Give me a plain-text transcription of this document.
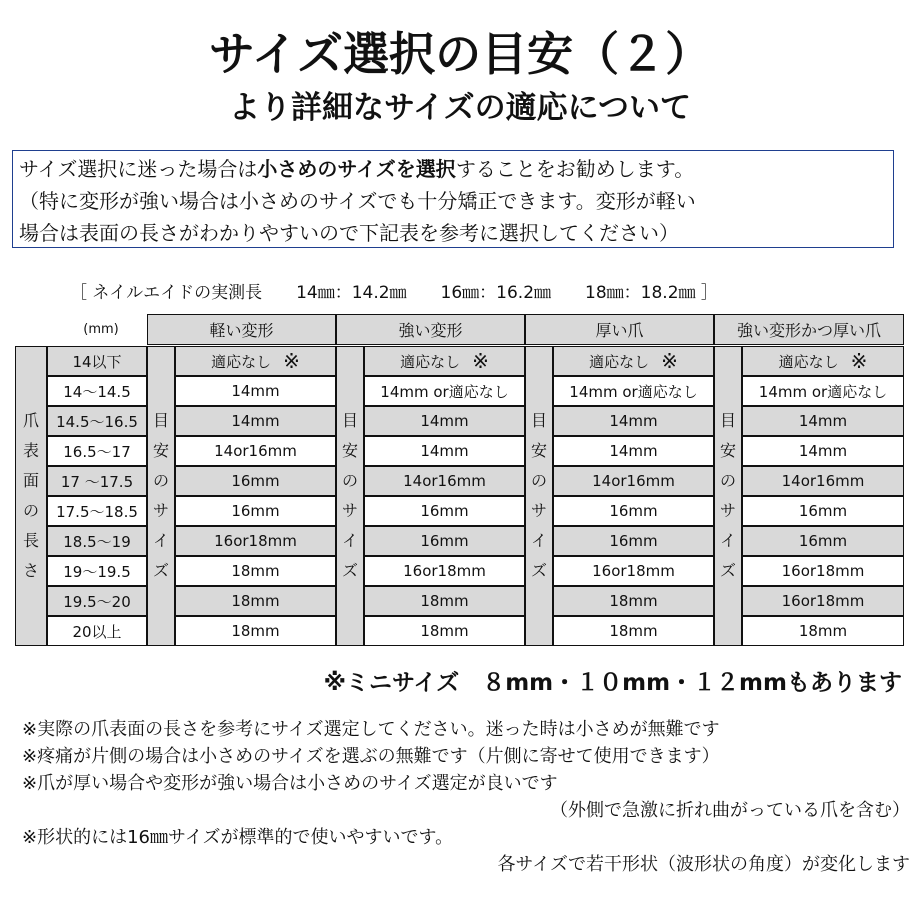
サイズ選択の目安（２）
より詳細なサイズの適応について
サイズ選択に迷った場合は小さめのサイズを選択することをお勧めします。
（特に変形が強い場合は小さめのサイズでも十分矯正できます。変形が軽い
場合は表面の長さがわかりやすいので下記表を参考に選択してください）
［ ネイルエイドの実測長　　14㎜：14.2㎜　　16㎜：16.2㎜　　18㎜：18.2㎜ ］
(mm)
爪
表
面
の
長
さ
14以下
14～14.5
14.5～16.5
16.5～17
17 ～17.5
17.5～18.5
18.5～19
19～19.5
19.5～20
20以上
軽い変形
目
安
の
サ
イ
ズ
適応なし ※
14mm
14mm
14or16mm
16mm
16mm
16or18mm
18mm
18mm
18mm
強い変形
目
安
の
サ
イ
ズ
適応なし ※
14mm or適応なし
14mm
14mm
14or16mm
16mm
16mm
16or18mm
18mm
18mm
厚い爪
目
安
の
サ
イ
ズ
適応なし ※
14mm or適応なし
14mm
14mm
14or16mm
16mm
16mm
16or18mm
18mm
18mm
強い変形かつ厚い爪
目
安
の
サ
イ
ズ
適応なし ※
14mm or適応なし
14mm
14mm
14or16mm
16mm
16mm
16or18mm
16or18mm
18mm
※ミニサイズ　８mm・１０mm・１２mmもあります
※実際の爪表面の長さを参考にサイズ選定してください。迷った時は小さめが無難です
※疼痛が片側の場合は小さめのサイズを選ぶの無難です（片側に寄せて使用できます）
※爪が厚い場合や変形が強い場合は小さめのサイズ選定が良いです
（外側で急激に折れ曲がっている爪を含む）
※形状的には16㎜サイズが標準的で使いやすいです。
各サイズで若干形状（波形状の角度）が変化します
